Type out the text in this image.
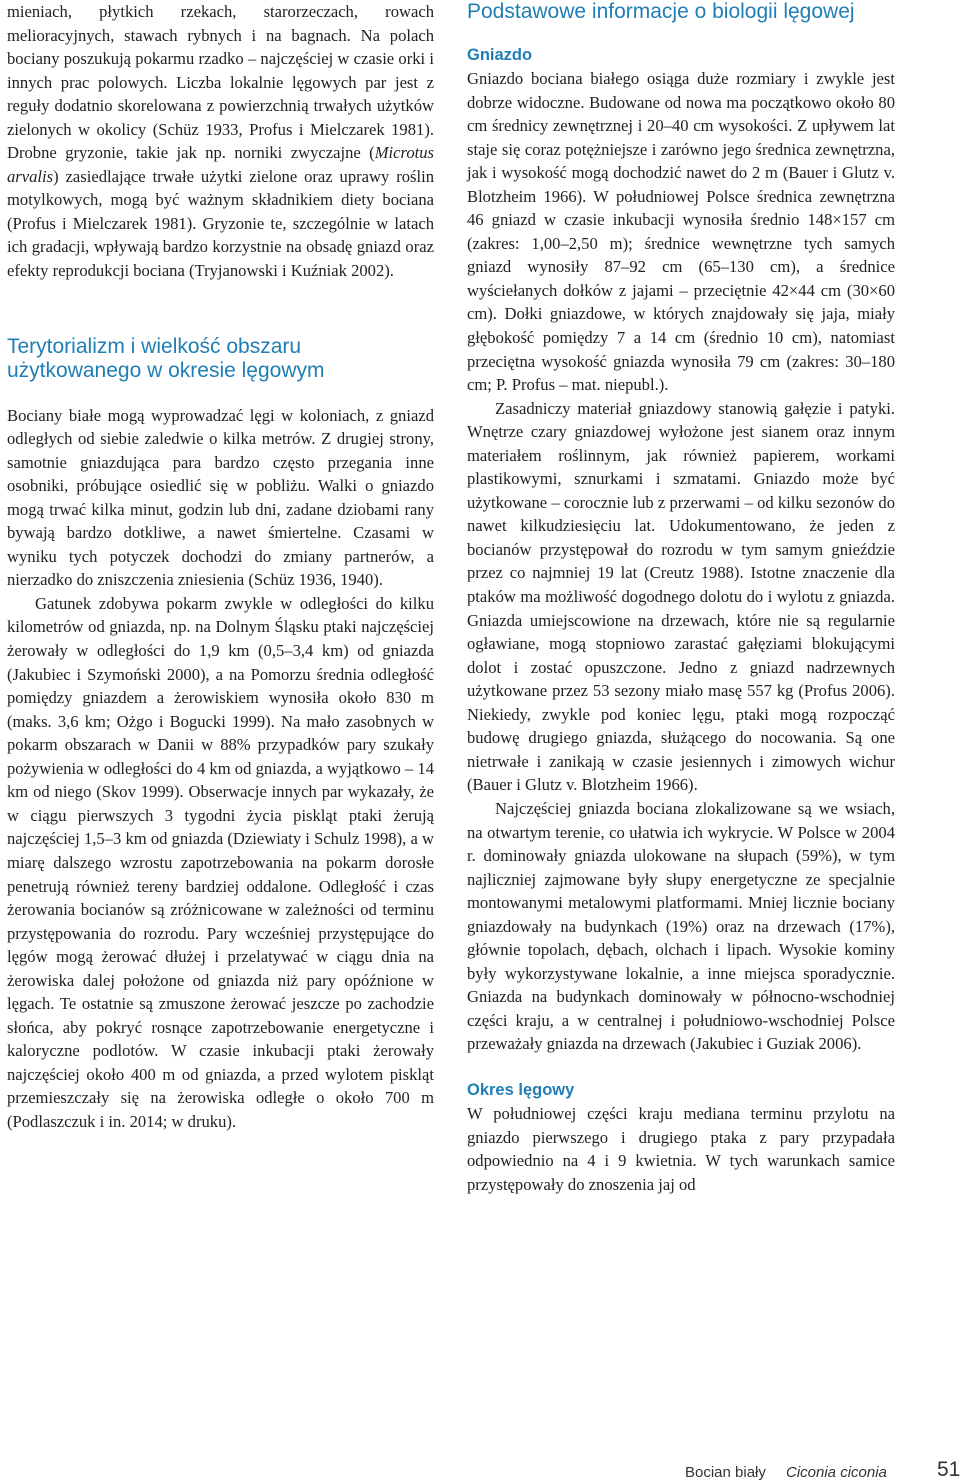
mieniach, płytkich rzekach, starorzeczach, rowach melioracyjnych, stawach rybnych i na bagnach. Na polach bociany poszukują pokarmu rzadko – najczęściej w czasie orki i innych prac polowych. Liczba lokalnie lęgowych par jest z reguły dodatnio skorelowana z powierzchnią trwałych użytków zielonych w okolicy (Schüz 1933, Profus i Mielczarek 1981). Drobne gryzonie, takie jak np. norniki zwyczajne (Microtus arvalis) zasiedlające trwałe użytki zielone oraz uprawy roślin motylkowych, mogą być ważnym składnikiem diety bociana (Profus i Mielczarek 1981). Gryzonie te, szczególnie w latach ich gradacji, wpływają bardzo korzystnie na obsadę gniazd oraz efekty reprodukcji bociana (Tryjanowski i Kuźniak 2002).

Terytorializm i wielkość obszaru użytkowanego w okresie lęgowym

Bociany białe mogą wyprowadzać lęgi w koloniach, z gniazd odległych od siebie zaledwie o kilka metrów. Z drugiej strony, samotnie gniazdująca para bardzo często przegania inne osobniki, próbujące osiedlić się w pobliżu. Walki o gniazdo mogą trwać kilka minut, godzin lub dni, zadane dziobami rany bywają bardzo dotkliwe, a nawet śmiertelne. Czasami w wyniku tych potyczek dochodzi do zmiany partnerów, a nierzadko do zniszczenia zniesienia (Schüz 1936, 1940).

Gatunek zdobywa pokarm zwykle w odległości do kilku kilometrów od gniazda, np. na Dolnym Śląsku ptaki najczęściej żerowały w odległości do 1,9 km (0,5–3,4 km) od gniazda (Jakubiec i Szymoński 2000), a na Pomorzu średnia odległość pomiędzy gniazdem a żerowiskiem wynosiła około 830 m (maks. 3,6 km; Ożgo i Bogucki 1999). Na mało zasobnych w pokarm obszarach w Danii w 88% przypadków pary szukały pożywienia w odległości do 4 km od gniazda, a wyjątkowo – 14 km od niego (Skov 1999). Obserwacje innych par wykazały, że w ciągu pierwszych 3 tygodni życia piskląt ptaki żerują najczęściej 1,5–3 km od gniazda (Dziewiaty i Schulz 1998), a w miarę dalszego wzrostu zapotrzebowania na pokarm dorosłe penetrują również tereny bardziej oddalone. Odległość i czas żerowania bocianów są zróżnicowane w zależności od terminu przystępowania do rozrodu. Pary wcześniej przystępujące do lęgów mogą żerować dłużej i przelatywać w ciągu dnia na żerowiska dalej położone od gniazda niż pary opóźnione w lęgach. Te ostatnie są zmuszone żerować jeszcze po zachodzie słońca, aby pokryć rosnące zapotrzebowanie energetyczne i kaloryczne podlotów. W czasie inkubacji ptaki żerowały najczęściej około 400 m od gniazda, a przed wylotem piskląt przemieszczały się na żerowiska odległe o około 700 m (Podlaszczuk i in. 2014; w druku).

Podstawowe informacje o biologii lęgowej
Gniazdo

Gniazdo bociana białego osiąga duże rozmiary i zwykle jest dobrze widoczne. Budowane od nowa ma początkowo około 80 cm średnicy zewnętrznej i 20–40 cm wysokości. Z upływem lat staje się coraz potężniejsze i zarówno jego średnica zewnętrzna, jak i wysokość mogą dochodzić nawet do 2 m (Bauer i Glutz v. Blotzheim 1966). W południowej Polsce średnica zewnętrzna 46 gniazd w czasie inkubacji wynosiła średnio 148×157 cm (zakres: 1,00–2,50 m); średnice wewnętrzne tych samych gniazd wynosiły 87–92 cm (65–130 cm), a średnice wyściełanych dołków z jajami – przeciętnie 42×44 cm (30×60 cm). Dołki gniazdowe, w których znajdowały się jaja, miały głębokość pomiędzy 7 a 14 cm (średnio 10 cm), natomiast przeciętna wysokość gniazda wynosiła 79 cm (zakres: 30–180 cm; P. Profus – mat. niepubl.).

Zasadniczy materiał gniazdowy stanowią gałęzie i patyki. Wnętrze czary gniazdowej wyłożone jest sianem oraz innym materiałem roślinnym, jak również papierem, workami plastikowymi, sznurkami i szmatami. Gniazdo może być użytkowane – corocznie lub z przerwami – od kilku sezonów do nawet kilkudziesięciu lat. Udokumentowano, że jeden z bocianów przystępował do rozrodu w tym samym gnieździe przez co najmniej 19 lat (Creutz 1988). Istotne znaczenie dla ptaków ma możliwość dogodnego dolotu do i wylotu z gniazda. Gniazda umiejscowione na drzewach, które nie są regularnie ogławiane, mogą stopniowo zarastać gałęziami blokującymi dolot i zostać opuszczone. Jedno z gniazd nadrzewnych użytkowane przez 53 sezony miało masę 557 kg (Profus 2006). Niekiedy, zwykle pod koniec lęgu, ptaki mogą rozpocząć budowę drugiego gniazda, służącego do nocowania. Są one nietrwałe i zanikają w czasie jesiennych i zimowych wichur (Bauer i Glutz v. Blotzheim 1966).

Najczęściej gniazda bociana zlokalizowane są we wsiach, na otwartym terenie, co ułatwia ich wykrycie. W Polsce w 2004 r. dominowały gniazda ulokowane na słupach (59%), w tym najliczniej zajmowane były słupy energetyczne ze specjalnie montowanymi metalowymi platformami. Mniej licznie bociany gniazdowały na budynkach (19%) oraz na drzewach (17%), głównie topolach, dębach, olchach i lipach. Wysokie kominy były wykorzystywane lokalnie, a inne miejsca sporadycznie. Gniazda na budynkach dominowały w północno-wschodniej części kraju, a w centralnej i południowo-wschodniej Polsce przeważały gniazda na drzewach (Jakubiec i Guziak 2006).

Okres lęgowy

W południowej części kraju mediana terminu przylotu na gniazdo pierwszego i drugiego ptaka z pary przypadała odpowiednio na 4 i 9 kwietnia. W tych warunkach samice przystępowały do znoszenia jaj od

Bocian biały Ciconia ciconia 51
